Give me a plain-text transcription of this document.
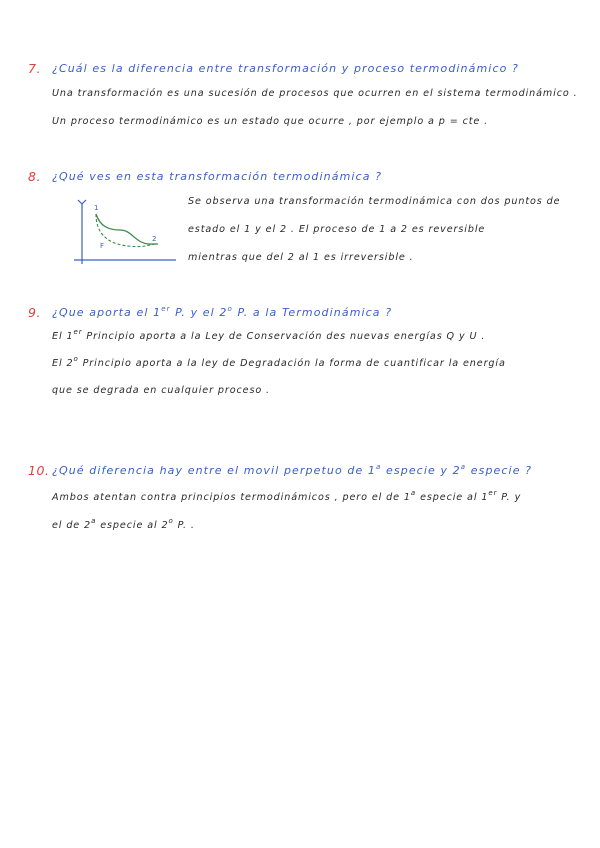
7.	¿Cuál es la diferencia entre transformación y proceso termodinámico ?
Una transformación es una sucesión de procesos que ocurren en el sistema termodinámico .
Un proceso termodinámico es un estado que ocurre , por ejemplo a p = cte .
8.	¿Qué ves en esta transformación termodinámica ?
1
2
F
Se observa una transformación termodinámica con dos puntos de
estado el 1 y el 2 . El proceso de 1 a 2 es reversible
mientras que del 2 al 1 es irreversible .
9.	¿Que aporta el 1er P. y el 2$^o$ P. a la Termodinámica ?
El 1er Principio aporta a la Ley de Conservación des nuevas energías Q y U .
El 2$^o$ Principio aporta a la ley de Degradación la forma de cuantificar la energía
que se degrada en cualquier proceso .
10. ¿Qué diferencia hay entre el movil perpetuo de 1$^a$ especie y 2$^a$ especie ?
Ambos atentan contra principios termodinámicos , pero el de 1$^a$ especie al 1er P. y
el de 2$^a$ especie al 2$^o$ P. .
